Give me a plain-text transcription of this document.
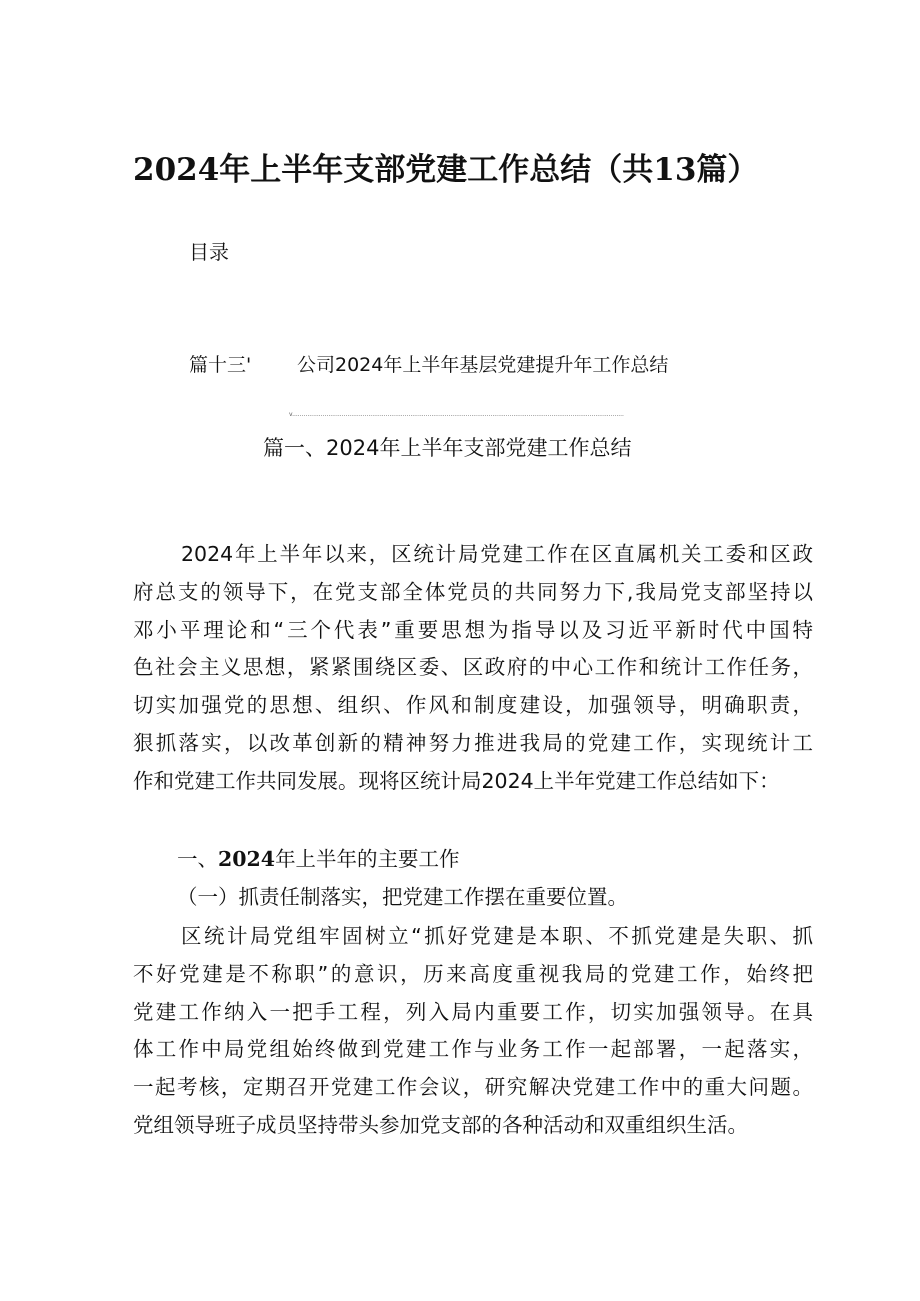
2024年上半年支部党建工作总结（共13篇）
目录
篇十三' 公司2024年上半年基层党建提升年工作总结
v..............................................................................................................................................................................
篇一、2024年上半年支部党建工作总结
2024年上半年以来，区统计局党建工作在区直属机关工委和区政
府总支的领导下，在党支部全体党员的共同努力下,我局党支部坚持以
邓小平理论和“三个代表”重要思想为指导以及习近平新时代中国特
色社会主义思想，紧紧围绕区委、区政府的中心工作和统计工作任务，
切实加强党的思想、组织、作风和制度建设，加强领导，明确职责，
狠抓落实，以改革创新的精神努力推进我局的党建工作，实现统计工
作和党建工作共同发展。现将区统计局2024上半年党建工作总结如下：
一、2024年上半年的主要工作
（一）抓责任制落实，把党建工作摆在重要位置。
区统计局党组牢固树立“抓好党建是本职、不抓党建是失职、抓
不好党建是不称职”的意识，历来高度重视我局的党建工作，始终把
党建工作纳入一把手工程，列入局内重要工作，切实加强领导。在具
体工作中局党组始终做到党建工作与业务工作一起部署，一起落实，
一起考核，定期召开党建工作会议，研究解决党建工作中的重大问题。
党组领导班子成员坚持带头参加党支部的各种活动和双重组织生活。
